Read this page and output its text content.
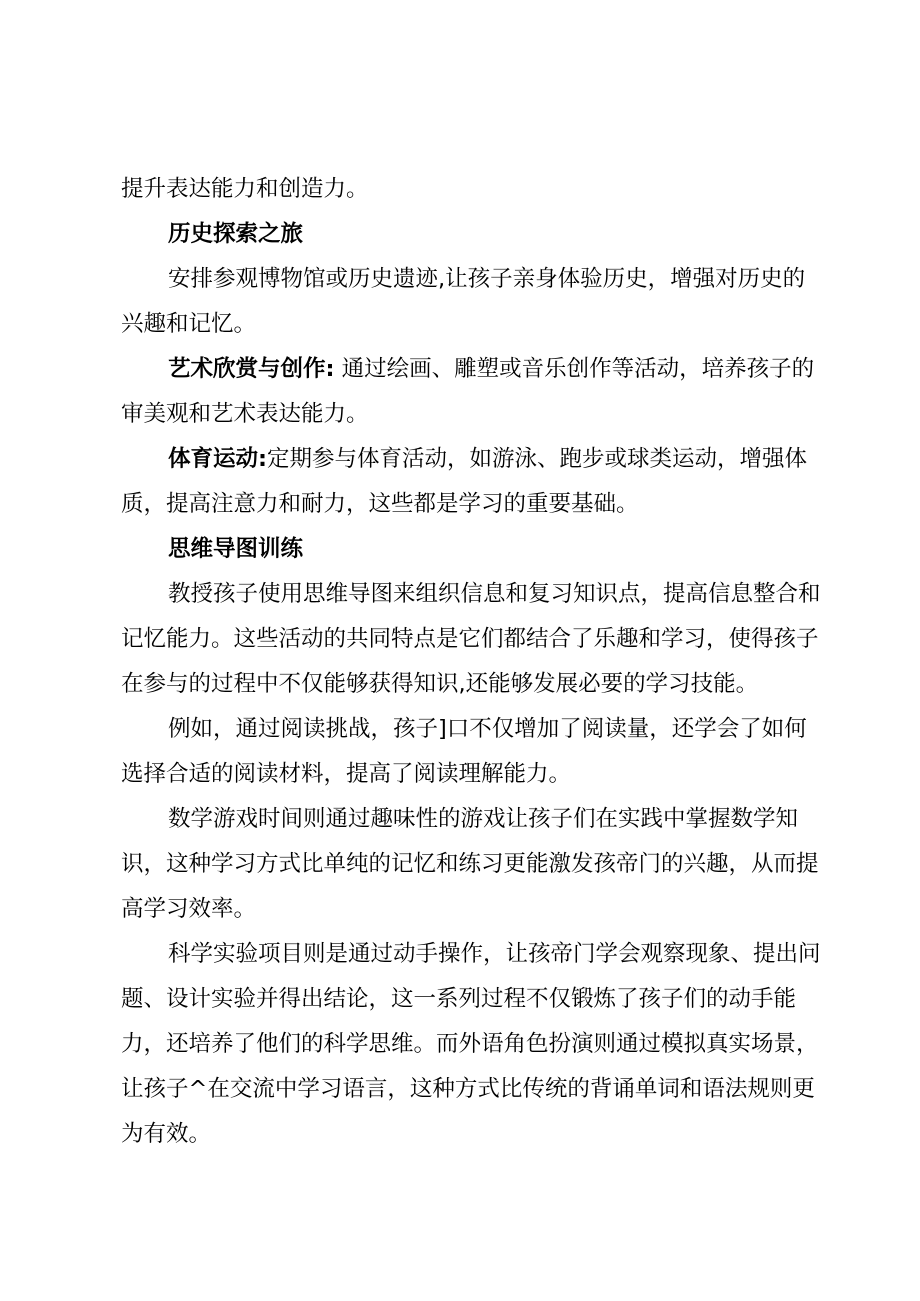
提升表达能力和创造力。

历史探索之旅

安排参观博物馆或历史遗迹,让孩子亲身体验历史，增强对历史的兴趣和记忆。

艺术欣赏与创作: 通过绘画、雕塑或音乐创作等活动，培养孩子的审美观和艺术表达能力。

体育运动:定期参与体育活动，如游泳、跑步或球类运动，增强体质，提高注意力和耐力，这些都是学习的重要基础。

思维导图训练

教授孩子使用思维导图来组织信息和复习知识点，提高信息整合和记忆能力。这些活动的共同特点是它们都结合了乐趣和学习，使得孩子在参与的过程中不仅能够获得知识,还能够发展必要的学习技能。

例如，通过阅读挑战，孩子]口不仅增加了阅读量，还学会了如何选择合适的阅读材料，提高了阅读理解能力。

数学游戏时间则通过趣味性的游戏让孩子们在实践中掌握数学知识，这种学习方式比单纯的记忆和练习更能激发孩帝门的兴趣，从而提高学习效率。

科学实验项目则是通过动手操作，让孩帝门学会观察现象、提出问题、设计实验并得出结论，这一系列过程不仅锻炼了孩子们的动手能力，还培养了他们的科学思维。而外语角色扮演则通过模拟真实场景，让孩子^在交流中学习语言，这种方式比传统的背诵单词和语法规则更为有效。
